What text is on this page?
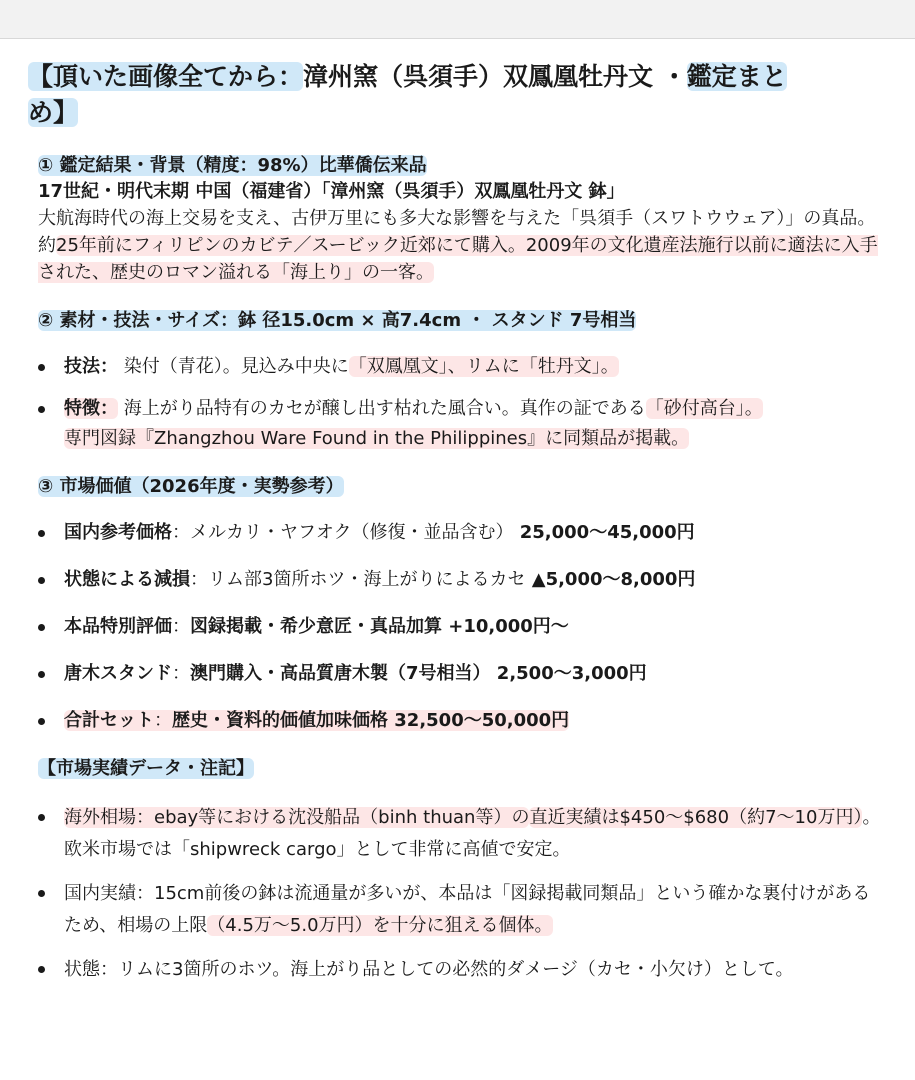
【頂いた画像全てから：漳州窯（呉須手）双鳳凰牡丹文 ・鑑定まと
め】

① 鑑定結果・背景（精度：98%）比華僑伝来品

17世紀・明代末期 中国（福建省）「漳州窯（呉須手）双鳳凰牡丹文 鉢」

大航海時代の海上交易を支え、古伊万里にも多大な影響を与えた「呉須手（スワトウウェア）」の真品。約25年前にフィリピンのカビテ／スービック近郊にて購入。2009年の文化遺産法施行以前に適法に入手された、歴史のロマン溢れる「海上り」の一客。

② 素材・技法・サイズ：鉢 径15.0cm × 高7.4cm ・ スタンド 7号相当

技法： 染付（青花）。見込み中央に「双鳳凰文」、リムに「牡丹文」。
特徴： 海上がり品特有のカセが醸し出す枯れた風合い。真作の証である「砂付高台」。
専門図録『Zhangzhou Ware Found in the Philippines』に同類品が掲載。

③ 市場価値（2026年度・実勢参考）

国内参考価格：メルカリ・ヤフオク（修復・並品含む） 25,000〜45,000円
状態による減損：リム部3箇所ホツ・海上がりによるカセ ▲5,000〜8,000円
本品特別評価：図録掲載・希少意匠・真品加算 +10,000円〜
唐木スタンド：澳門購入・高品質唐木製（7号相当） 2,500〜3,000円
合計セット：歴史・資料的価値加味価格 32,500〜50,000円

【市場実績データ・注記】

海外相場：ebay等における沈没船品（binh thuan等）の直近実績は$450〜$680（約7〜10万円）。欧米市場では「shipwreck cargo」として非常に高値で安定。
国内実績：15cm前後の鉢は流通量が多いが、本品は「図録掲載同類品」という確かな裏付けがあるため、相場の上限（4.5万〜5.0万円）を十分に狙える個体。
状態：リムに3箇所のホツ。海上がり品としての必然的ダメージ（カセ・小欠け）として。
